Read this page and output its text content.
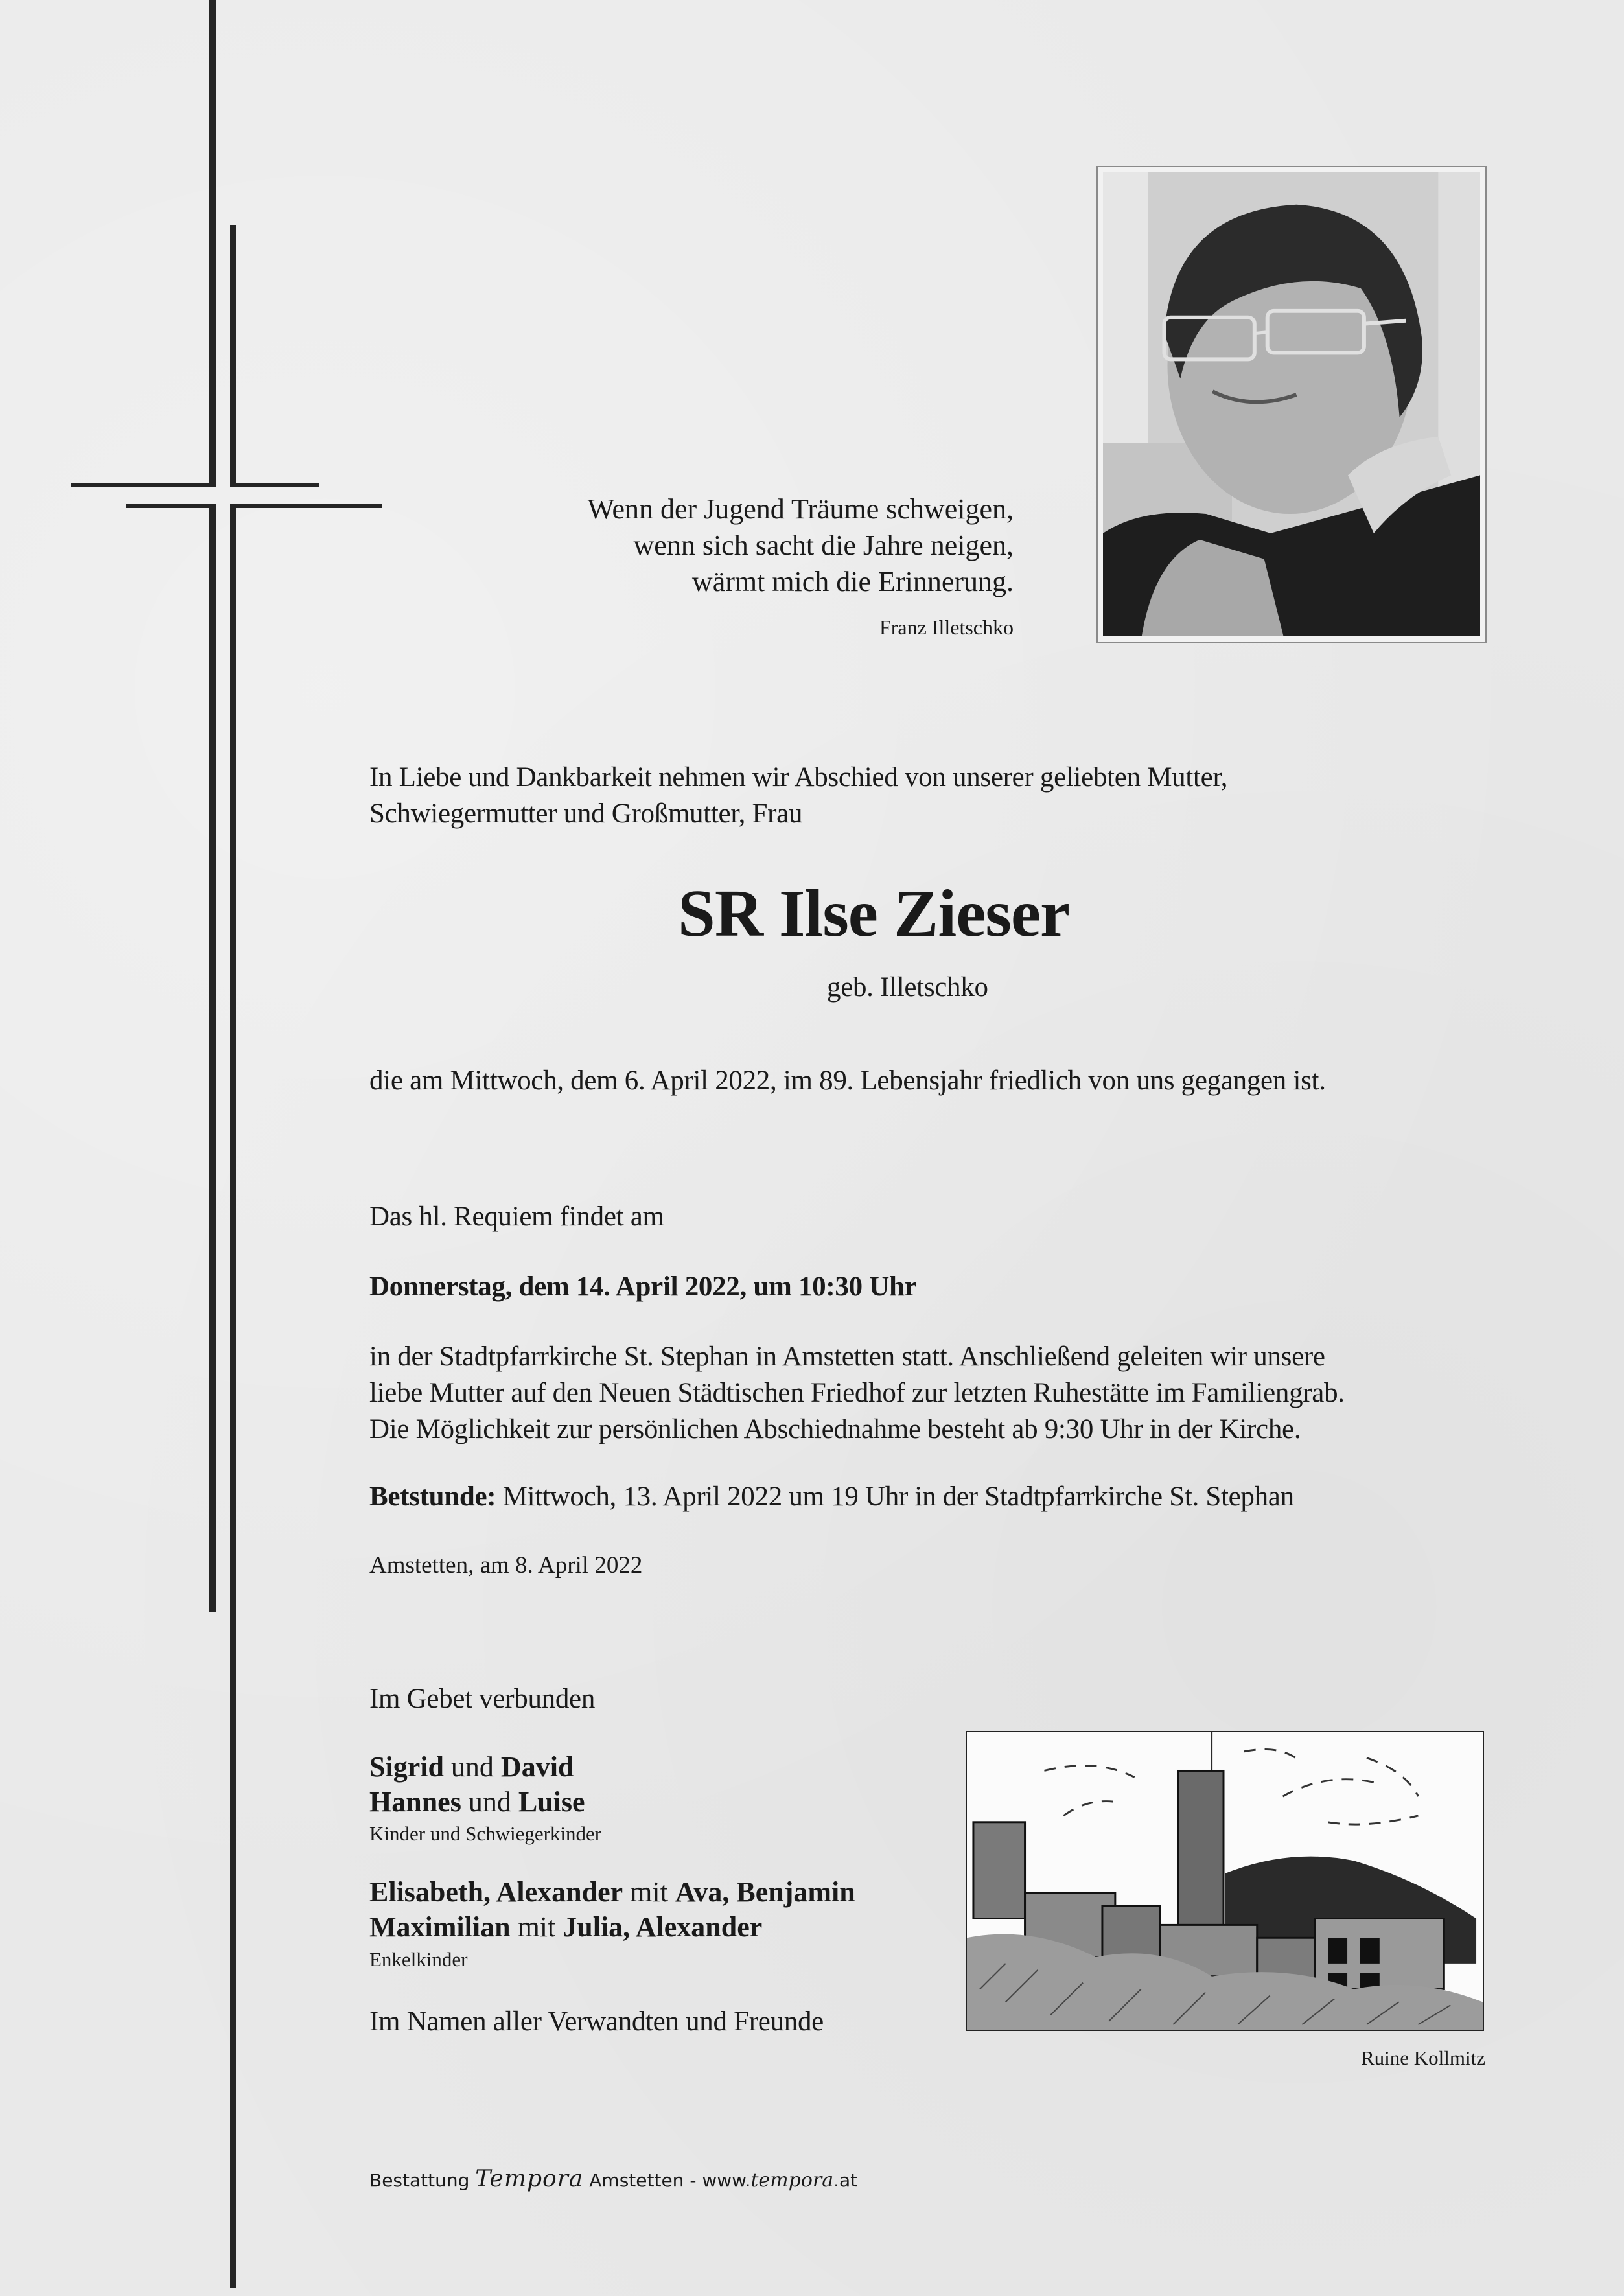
Wenn der Jugend Träume schweigen,
wenn sich sacht die Jahre neigen,
wärmt mich die Erinnerung.
Franz Illetschko
In Liebe und Dankbarkeit nehmen wir Abschied von unserer geliebten Mutter,
Schwiegermutter und Großmutter, Frau
SR Ilse Zieser
geb. Illetschko
die am Mittwoch, dem 6. April 2022, im 89. Lebensjahr friedlich von uns gegangen ist.
Das hl. Requiem findet am
Donnerstag, dem 14. April 2022, um 10:30 Uhr
in der Stadtpfarrkirche St. Stephan in Amstetten statt. Anschließend geleiten wir unsere
liebe Mutter auf den Neuen Städtischen Friedhof zur letzten Ruhestätte im Familiengrab.
Die Möglichkeit zur persönlichen Abschiednahme besteht ab 9:30 Uhr in der Kirche.
Betstunde: Mittwoch, 13. April 2022 um 19 Uhr in der Stadtpfarrkirche St. Stephan
Amstetten, am 8. April 2022
Im Gebet verbunden
Sigrid und David
Hannes und Luise
Kinder und Schwiegerkinder
Elisabeth, Alexander mit Ava, Benjamin
Maximilian mit Julia, Alexander
Enkelkinder
Im Namen aller Verwandten und Freunde
Ruine Kollmitz
Bestattung Tempora Amstetten - www.tempora.at
